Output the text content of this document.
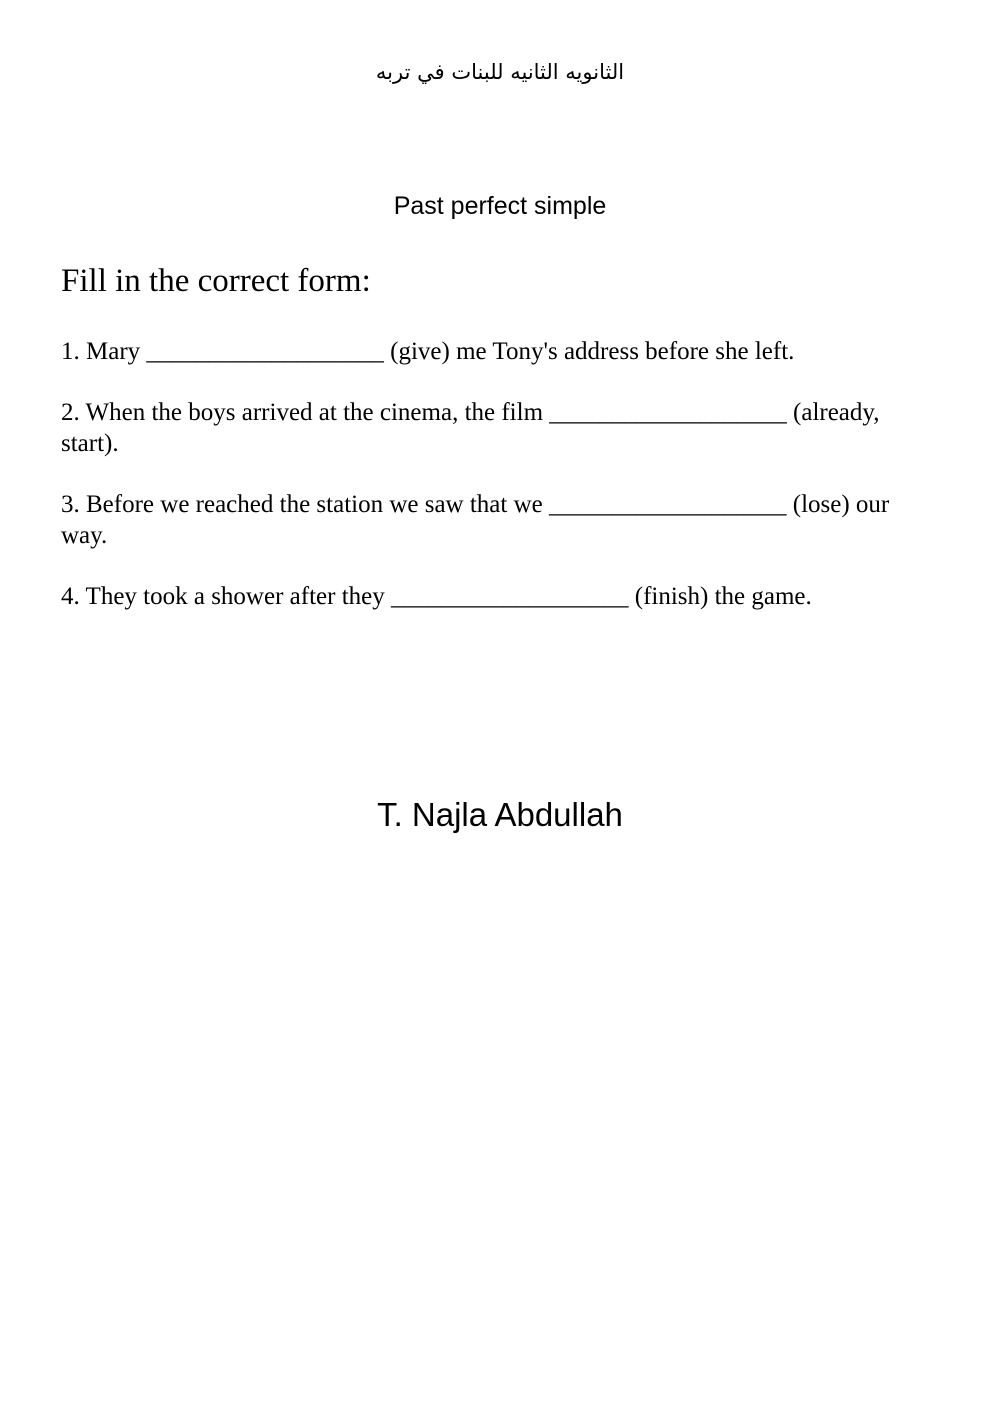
الثانويه الثانيه للبنات في تربه
Past perfect simple
Fill in the correct form:

1. Mary ___________________ (give) me Tony's address before she left.

2. When the boys arrived at the cinema, the film ___________________ (already, start).

3. Before we reached the station we saw that we ___________________ (lose) our way.

4. They took a shower after they ___________________ (finish) the game.

T. Najla Abdullah
